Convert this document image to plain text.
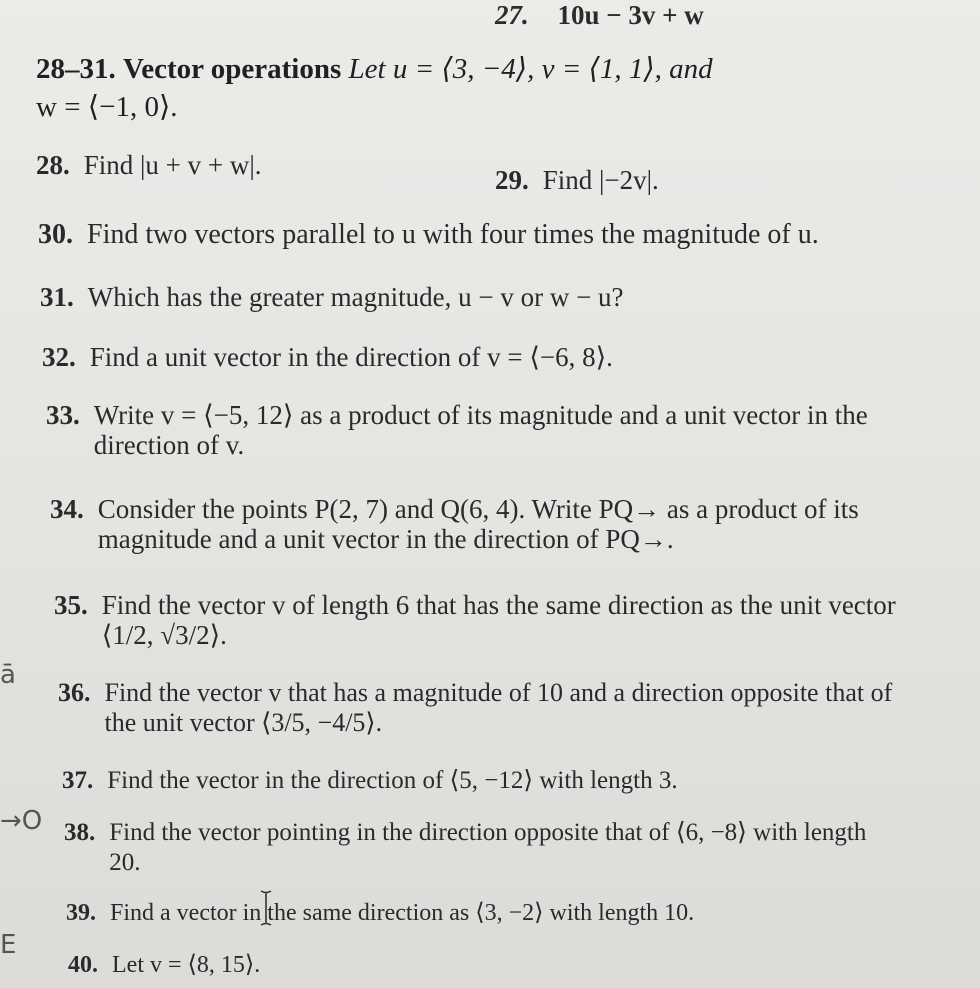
27. 10u − 3v + w
28–31. Vector operations Let u = ⟨3, −4⟩, v = ⟨1, 1⟩, and
w = ⟨−1, 0⟩.
28. Find |u + v + w|.	29. Find |−2v|.
30. Find two vectors parallel to u with four times the magnitude of u.
31. Which has the greater magnitude, u − v or w − u?
32. Find a unit vector in the direction of v = ⟨−6, 8⟩.
33. Write v = ⟨−5, 12⟩ as a product of its magnitude and a unit vector in the direction of v.
34. Consider the points P(2, 7) and Q(6, 4). Write PQ→ as a product of its magnitude and a unit vector in the direction of PQ→.
35. Find the vector v of length 6 that has the same direction as the unit vector ⟨1/2, √3/2⟩.
36. Find the vector v that has a magnitude of 10 and a direction opposite that of the unit vector ⟨3/5, −4/5⟩.
37. Find the vector in the direction of ⟨5, −12⟩ with length 3.
38. Find the vector pointing in the direction opposite that of ⟨6, −8⟩ with length 20.
39. Find a vector in the same direction as ⟨3, −2⟩ with length 10.
40. Let v = ⟨8, 15⟩.
ā
→O
E
